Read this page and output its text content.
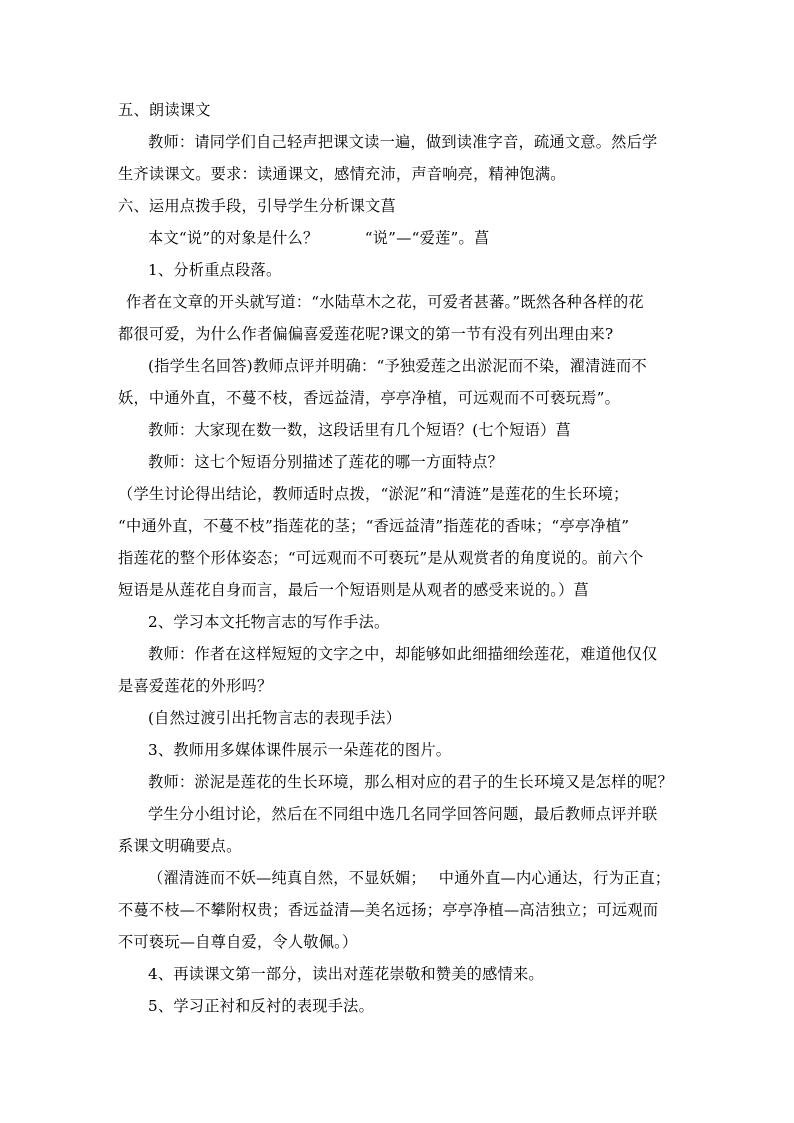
五、朗读课文
教师：请同学们自己轻声把课文读一遍，做到读准字音，疏通文意。然后学
生齐读课文。要求：读通课文，感情充沛，声音响亮，精神饱满。
六、运用点拨手段，引导学生分析课文菖
本文“说”的对象是什么？　　　“说”—“爱莲”。菖
1、分析重点段落。
作者在文章的开头就写道：“水陆草木之花，可爱者甚蕃。”既然各种各样的花
都很可爱，为什么作者偏偏喜爱莲花呢?课文的第一节有没有列出理由来?
(指学生名回答)教师点评并明确：“予独爱莲之出淤泥而不染，濯清涟而不
妖，中通外直，不蔓不枝，香远益清，亭亭净植，可远观而不可亵玩焉”。
教师：大家现在数一数，这段话里有几个短语？(七个短语）菖
教师：这七个短语分别描述了莲花的哪一方面特点？
（学生讨论得出结论，教师适时点拨，“淤泥”和“清涟”是莲花的生长环境；
“中通外直，不蔓不枝”指莲花的茎；“香远益清”指莲花的香味；“亭亭净植”
指莲花的整个形体姿态；“可远观而不可亵玩”是从观赏者的角度说的。前六个
短语是从莲花自身而言，最后一个短语则是从观者的感受来说的。）菖
2、学习本文托物言志的写作手法。
教师：作者在这样短短的文字之中，却能够如此细描细绘莲花，难道他仅仅
是喜爱莲花的外形吗？
(自然过渡引出托物言志的表现手法）
3、教师用多媒体课件展示一朵莲花的图片。
教师：淤泥是莲花的生长环境，那么相对应的君子的生长环境又是怎样的呢？
学生分小组讨论，然后在不同组中选几名同学回答问题，最后教师点评并联
系课文明确要点。
（濯清涟而不妖—纯真自然，不显妖媚；　 中通外直—内心通达，行为正直；
不蔓不枝—不攀附权贵；香远益清—美名远扬；亭亭净植—高洁独立；可远观而
不可亵玩—自尊自爱，令人敬佩。）
4、再读课文第一部分，读出对莲花崇敬和赞美的感情来。
5、学习正衬和反衬的表现手法。
